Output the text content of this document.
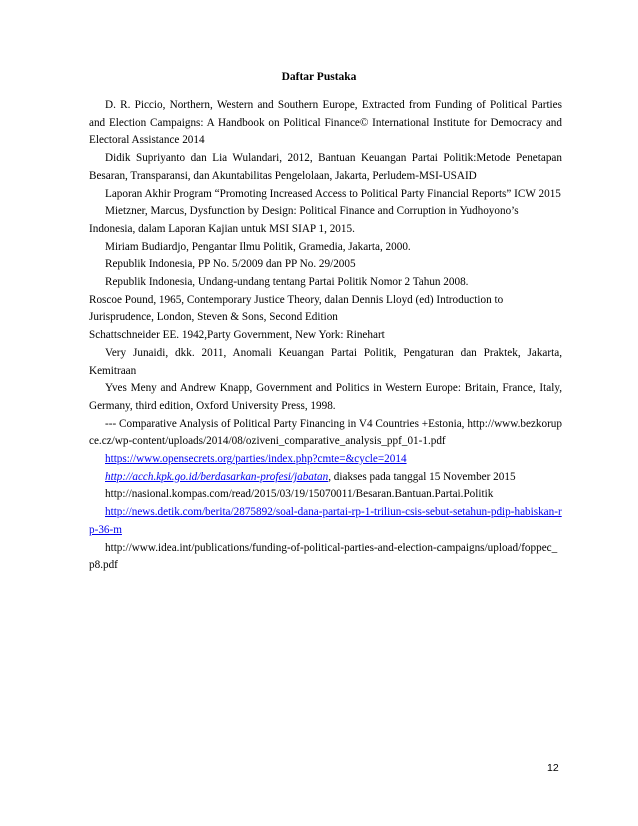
Daftar Pustaka
D. R. Piccio, Northern, Western and Southern Europe, Extracted from Funding of Political Parties and Election Campaigns: A Handbook on Political Finance© International Institute for Democracy and Electoral Assistance 2014
Didik Supriyanto dan Lia Wulandari, 2012, Bantuan Keuangan Partai Politik:Metode Penetapan Besaran, Transparansi, dan Akuntabilitas Pengelolaan, Jakarta, Perludem-MSI-USAID
Laporan Akhir Program “Promoting Increased Access to Political Party Financial Reports” ICW 2015
Mietzner, Marcus, Dysfunction by Design: Political Finance and Corruption in Yudhoyono’s Indonesia, dalam Laporan Kajian untuk MSI SIAP 1, 2015.
Miriam Budiardjo, Pengantar Ilmu Politik, Gramedia, Jakarta, 2000.
Republik Indonesia, PP No. 5/2009 dan PP No. 29/2005
Republik Indonesia, Undang-undang tentang Partai Politik Nomor 2 Tahun 2008.
Roscoe Pound, 1965, Contemporary Justice Theory, dalan Dennis Lloyd (ed) Introduction to Jurisprudence, London, Steven & Sons, Second Edition
Schattschneider EE. 1942,Party Government, New York: Rinehart
Very Junaidi, dkk. 2011, Anomali Keuangan Partai Politik, Pengaturan dan Praktek, Jakarta, Kemitraan
Yves Meny and Andrew Knapp, Government and Politics in Western Europe: Britain, France, Italy, Germany, third edition, Oxford University Press, 1998.
--- Comparative Analysis of Political Party Financing in V4 Countries +Estonia, http://www.bezkorupce.cz/wp-content/uploads/2014/08/oziveni_comparative_analysis_ppf_01-1.pdf
https://www.opensecrets.org/parties/index.php?cmte=&cycle=2014
http://acch.kpk.go.id/berdasarkan-profesi/jabatan, diakses pada tanggal 15 November 2015
http://nasional.kompas.com/read/2015/03/19/15070011/Besaran.Bantuan.Partai.Politik
http://news.detik.com/berita/2875892/soal-dana-partai-rp-1-triliun-csis-sebut-setahun-pdip-habiskan-rp-36-m
http://www.idea.int/publications/funding-of-political-parties-and-election-campaigns/upload/foppec_p8.pdf
12
